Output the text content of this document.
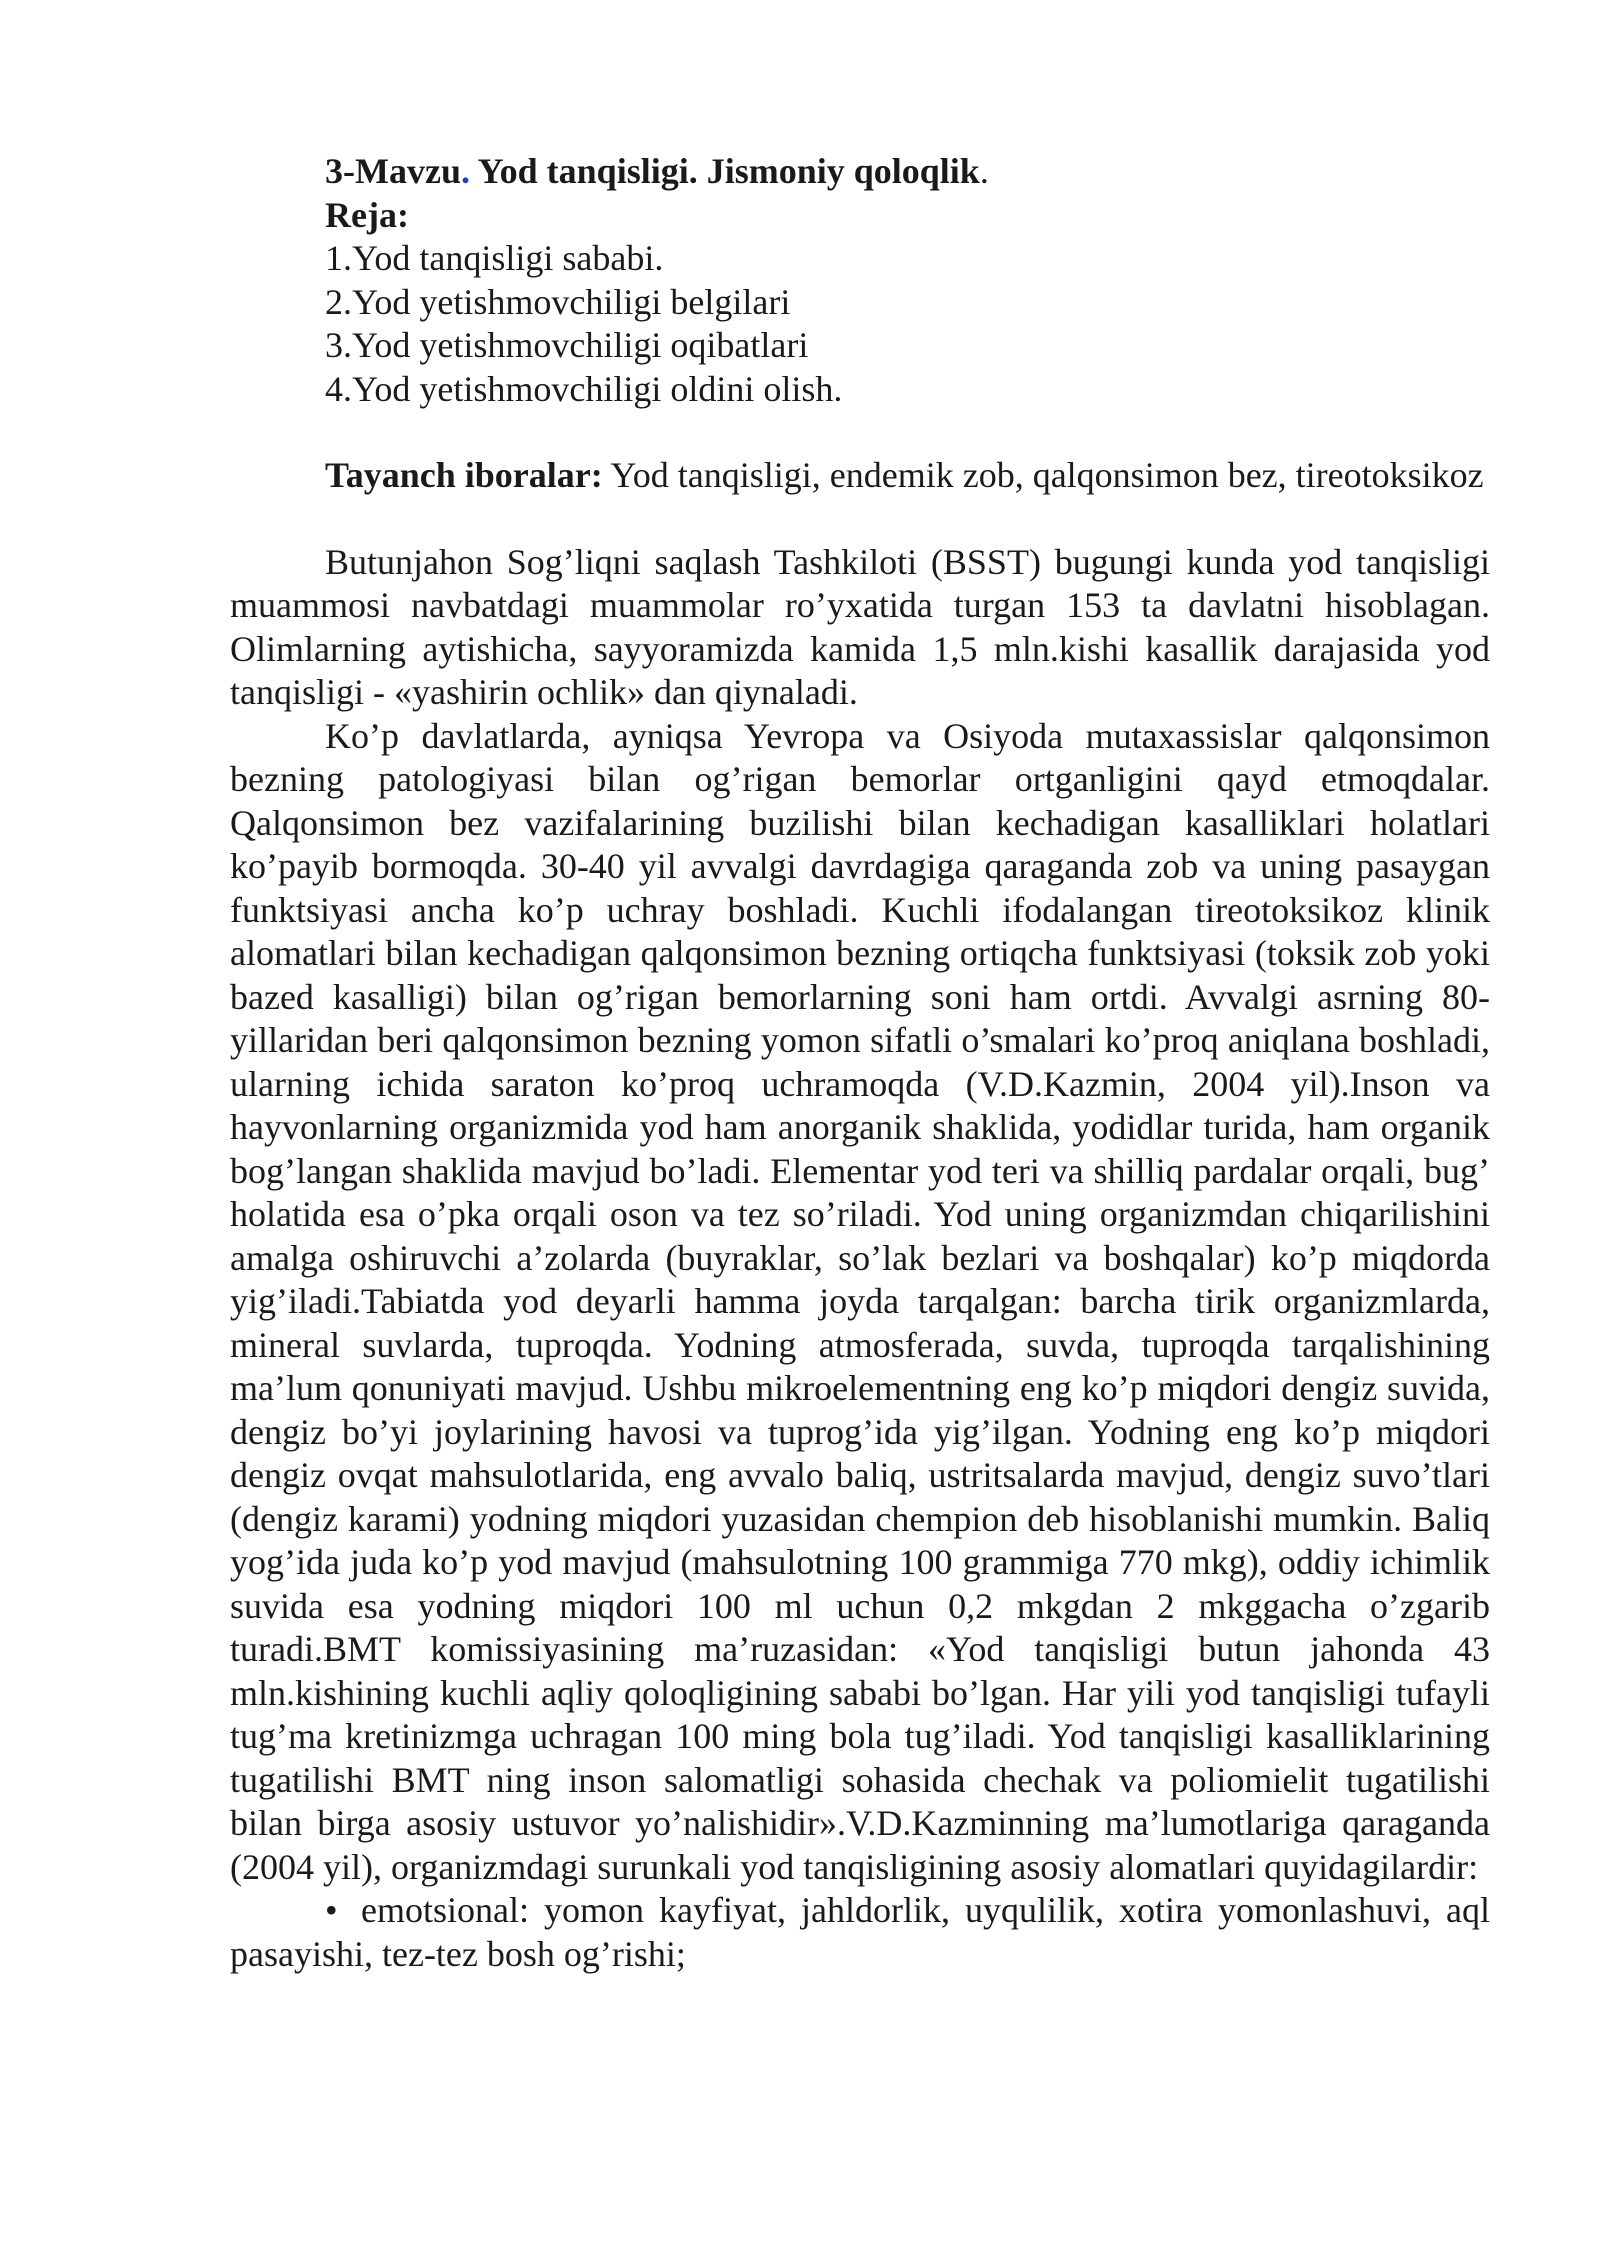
3-Mavzu. Yod tanqisligi. Jismoniy qoloqlik.
Reja:
1.Yod tanqisligi sababi.
2.Yod yetishmovchiligi belgilari
3.Yod yetishmovchiligi oqibatlari
4.Yod yetishmovchiligi oldini olish.

Tayanch iboralar: Yod tanqisligi, endemik zob, qalqonsimon bez, tireotoksikoz

Butunjahon Sog’liqni saqlash Tashkiloti (BSST) bugungi kunda yod tanqisligi muammosi navbatdagi muammolar ro’yxatida turgan 153 ta davlatni hisoblagan. Olimlarning aytishicha, sayyoramizda kamida 1,5 mln.kishi kasallik darajasida yod tanqisligi - «yashirin ochlik» dan qiynaladi.

Ko’p davlatlarda, ayniqsa Yevropa va Osiyoda mutaxassislar qalqonsimon bezning patologiyasi bilan og’rigan bemorlar ortganligini qayd etmoqdalar. Qalqonsimon bez vazifalarining buzilishi bilan kechadigan kasalliklari holatlari ko’payib bormoqda. 30-40 yil avvalgi davrdagiga qaraganda zob va uning pasaygan funktsiyasi ancha ko’p uchray boshladi. Kuchli ifodalangan tireotoksikoz klinik alomatlari bilan kechadigan qalqonsimon bezning ortiqcha funktsiyasi (toksik zob yoki bazed kasalligi) bilan og’rigan bemorlarning soni ham ortdi. Avvalgi asrning 80-yillaridan beri qalqonsimon bezning yomon sifatli o’smalari ko’proq aniqlana boshladi, ularning ichida saraton ko’proq uchramoqda (V.D.Kazmin, 2004 yil).Inson va hayvonlarning organizmida yod ham anorganik shaklida, yodidlar turida, ham organik bog’langan shaklida mavjud bo’ladi. Elementar yod teri va shilliq pardalar orqali, bug’ holatida esa o’pka orqali oson va tez so’riladi. Yod uning organizmdan chiqarilishini amalga oshiruvchi a’zolarda (buyraklar, so’lak bezlari va boshqalar) ko’p miqdorda yig’iladi.Tabiatda yod deyarli hamma joyda tarqalgan: barcha tirik organizmlarda, mineral suvlarda, tuproqda. Yodning atmosferada, suvda, tuproqda tarqalishining ma’lum qonuniyati mavjud. Ushbu mikroelementning eng ko’p miqdori dengiz suvida, dengiz bo’yi joylarining havosi va tuprog’ida yig’ilgan. Yodning eng ko’p miqdori dengiz ovqat mahsulotlarida, eng avvalo baliq, ustritsalarda mavjud, dengiz suvo’tlari (dengiz karami) yodning miqdori yuzasidan chempion deb hisoblanishi mumkin. Baliq yog’ida juda ko’p yod mavjud (mahsulotning 100 grammiga 770 mkg), oddiy ichimlik suvida esa yodning miqdori 100 ml uchun 0,2 mkgdan 2 mkggacha o’zgarib turadi.BMT komissiyasining ma’ruzasidan: «Yod tanqisligi butun jahonda 43 mln.kishining kuchli aqliy qoloqligining sababi bo’lgan. Har yili yod tanqisligi tufayli tug’ma kretinizmga uchragan 100 ming bola tug’iladi. Yod tanqisligi kasalliklarining tugatilishi BMT ning inson salomatligi sohasida chechak va poliomielit tugatilishi bilan birga asosiy ustuvor yo’nalishidir».V.D.Kazminning ma’lumotlariga qaraganda (2004 yil), organizmdagi surunkali yod tanqisligining asosiy alomatlari quyidagilardir:

• emotsional: yomon kayfiyat, jahldorlik, uyqulilik, xotira yomonlashuvi, aql pasayishi, tez-tez bosh og’rishi;
